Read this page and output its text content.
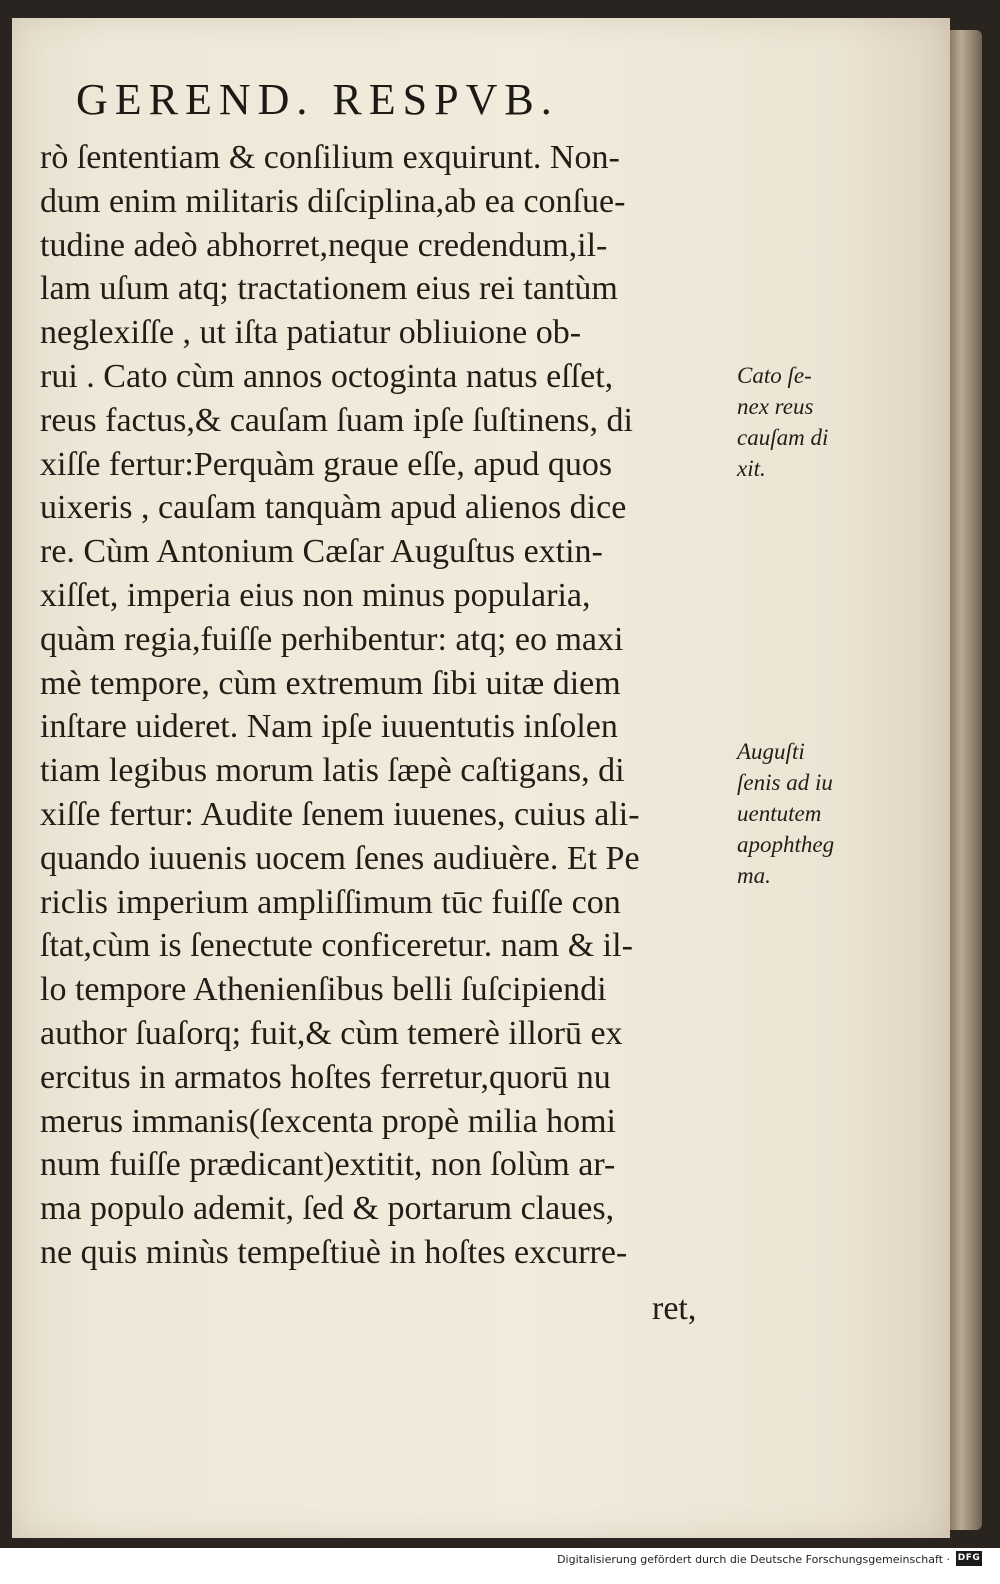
GEREND. RESPVB.
rò ſententiam & conſilium exquirunt. Non-
dum enim militaris diſciplina,ab ea conſue-
tudine adeò abhorret,neque credendum,il-
lam uſum atq; tractationem eius rei tantùm
neglexiſſe , ut iſta patiatur obliuione ob-
rui . Cato cùm annos octoginta natus eſſet,
reus factus,& cauſam ſuam ipſe ſuſtinens, di
xiſſe fertur:Perquàm graue eſſe, apud quos
uixeris , cauſam tanquàm apud alienos dice
re. Cùm Antonium Cæſar Auguſtus extin-
xiſſet, imperia eius non minus popularia,
quàm regia,fuiſſe perhibentur: atq; eo maxi
mè tempore, cùm extremum ſibi uitæ diem
inſtare uideret. Nam ipſe iuuentutis inſolen
tiam legibus morum latis ſæpè caſtigans, di
xiſſe fertur: Audite ſenem iuuenes, cuius ali-
quando iuuenis uocem ſenes audiuère. Et Pe
riclis imperium ampliſſimum tūc fuiſſe con
ſtat,cùm is ſenectute conficeretur. nam & il-
lo tempore Athenienſibus belli ſuſcipiendi
author ſuaſorq; fuit,& cùm temerè illorū ex
ercitus in armatos hoſtes ferretur,quorū nu
merus immanis(ſexcenta propè milia homi
num fuiſſe prædicant)extitit, non ſolùm ar-
ma populo ademit, ſed & portarum claues,
ne quis minùs tempeſtiuè in hoſtes excurre-
ret,
Cato ſe-
nex reus
cauſam di
xit.
Auguſti
ſenis ad iu
uentutem
apophtheg
ma.
Digitalisierung gefördert durch die Deutsche Forschungsgemeinschaft · DFG
